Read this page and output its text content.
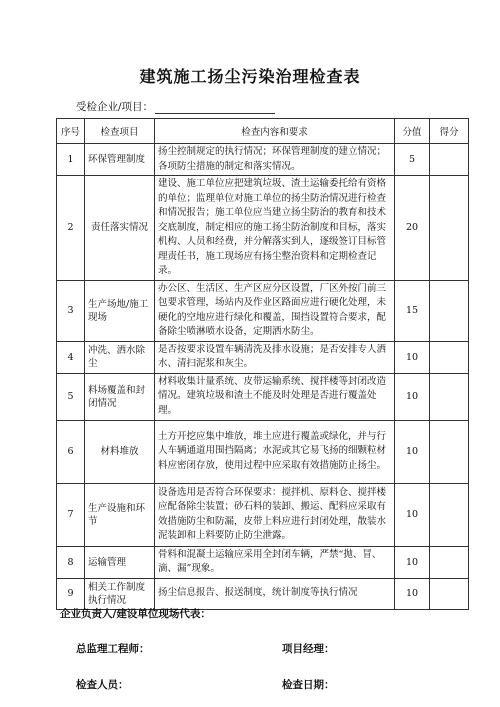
建筑施工扬尘污染治理检查表
受检企业/项目：
序号	检查项目	检查内容和要求	分值	得分
1	环保管理制度	扬尘控制规定的执行情况；环保管理制度的建立情况；各项防尘措施的制定和落实情况。	5	
2	责任落实情况	建设、施工单位应把建筑垃圾、渣土运输委托给有资格的单位；监理单位对施工单位的扬尘防治情况进行检查和情况报告；施工单位应当建立扬尘防治的教育和技术交底制度，制定相应的施工扬尘防治制度和目标，落实机构、人员和经费，并分解落实到人，逐级签订目标管理责任书，施工现场应有扬尘整治资料和定期检查记录。	20	
3	生产场地/施工现场	办公区、生活区、生产区应分区设置，厂区外按门前三包要求管理，场站内及作业区路面应进行硬化处理，未硬化的空地应进行绿化和覆盖，围挡设置符合要求，配备除尘喷淋喷水设备，定期洒水防尘。	15	
4	冲洗、洒水除尘	是否按要求设置车辆清洗及排水设施；是否安排专人洒水、清扫泥浆和灰尘。	10	
5	料场覆盖和封闭情况	材料收集计量系统、皮带运输系统、搅拌楼等封闭改造情况。建筑垃圾和渣土不能及时处理是否进行覆盖处理。	10	
6	材料堆放	土方开挖应集中堆放，堆土应进行覆盖或绿化，并与行人车辆通道用围挡隔离；水泥或其它易飞扬的细颗粒材料应密闭存放，使用过程中应采取有效措施防止扬尘。	10	
7	生产设施和环节	设备选用是否符合环保要求：搅拌机、原料仓、搅拌楼应配备除尘装置；砂石料的装卸、搬运、配料应采取有效措施防尘和防漏，皮带上料应进行封闭处理，散装水泥装卸和上料要防止防尘泄露。	10	
8	运输管理	骨料和混凝土运输应采用全封闭车辆，严禁“抛、冒、滴、漏”现象。	10	
9	相关工作制度执行情况	扬尘信息报告、报送制度，统计制度等执行情况	10	
企业负责人/建设单位现场代表：
总监理工程师：	项目经理：
检查人员：	检查日期：
